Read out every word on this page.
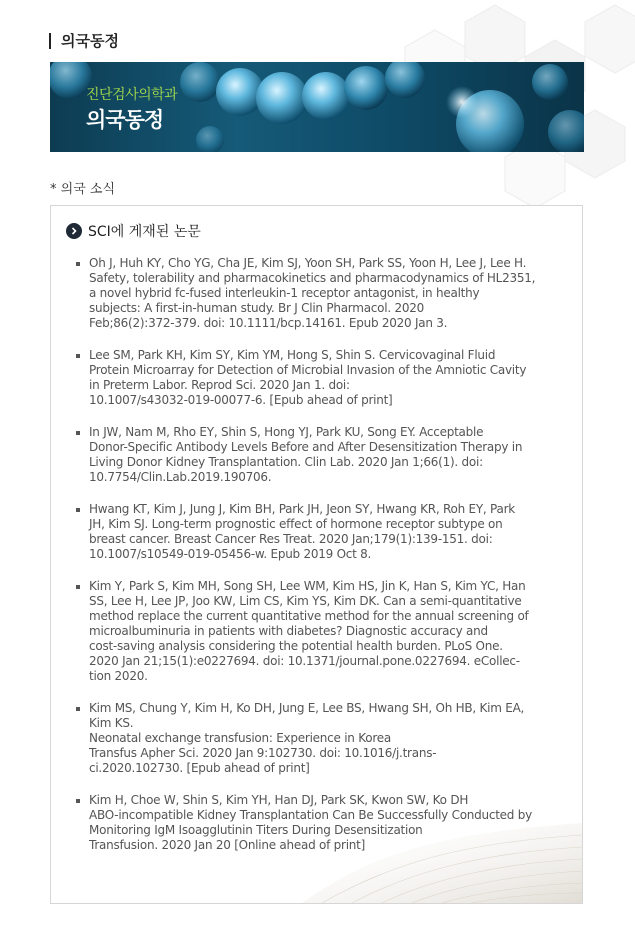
의국동정
진단검사의학과
의국동정
* 의국 소식
SCI에 게재된 논문
Oh J, Huh KY, Cho YG, Cha JE, Kim SJ, Yoon SH, Park SS, Yoon H, Lee J, Lee H.
Safety, tolerability and pharmacokinetics and pharmacodynamics of HL2351,
a novel hybrid fc-fused interleukin-1 receptor antagonist, in healthy
subjects: A first-in-human study. Br J Clin Pharmacol. 2020
Feb;86(2):372-379. doi: 10.1111/bcp.14161. Epub 2020 Jan 3.
Lee SM, Park KH, Kim SY, Kim YM, Hong S, Shin S. Cervicovaginal Fluid
Protein Microarray for Detection of Microbial Invasion of the Amniotic Cavity
in Preterm Labor. Reprod Sci. 2020 Jan 1. doi:
10.1007/s43032-019-00077-6. [Epub ahead of print]
In JW, Nam M, Rho EY, Shin S, Hong YJ, Park KU, Song EY. Acceptable
Donor-Specific Antibody Levels Before and After Desensitization Therapy in
Living Donor Kidney Transplantation. Clin Lab. 2020 Jan 1;66(1). doi:
10.7754/Clin.Lab.2019.190706.
Hwang KT, Kim J, Jung J, Kim BH, Park JH, Jeon SY, Hwang KR, Roh EY, Park
JH, Kim SJ. Long-term prognostic effect of hormone receptor subtype on
breast cancer. Breast Cancer Res Treat. 2020 Jan;179(1):139-151. doi:
10.1007/s10549-019-05456-w. Epub 2019 Oct 8.
Kim Y, Park S, Kim MH, Song SH, Lee WM, Kim HS, Jin K, Han S, Kim YC, Han
SS, Lee H, Lee JP, Joo KW, Lim CS, Kim YS, Kim DK. Can a semi-quantitative
method replace the current quantitative method for the annual screening of
microalbuminuria in patients with diabetes? Diagnostic accuracy and
cost-saving analysis considering the potential health burden. PLoS One.
2020 Jan 21;15(1):e0227694. doi: 10.1371/journal.pone.0227694. eCollec-
tion 2020.
Kim MS, Chung Y, Kim H, Ko DH, Jung E, Lee BS, Hwang SH, Oh HB, Kim EA,
Kim KS.
Neonatal exchange transfusion: Experience in Korea
Transfus Apher Sci. 2020 Jan 9:102730. doi: 10.1016/j.trans-
ci.2020.102730. [Epub ahead of print]
Kim H, Choe W, Shin S, Kim YH, Han DJ, Park SK, Kwon SW, Ko DH
ABO-incompatible Kidney Transplantation Can Be Successfully Conducted by
Monitoring IgM Isoagglutinin Titers During Desensitization
Transfusion. 2020 Jan 20 [Online ahead of print]
